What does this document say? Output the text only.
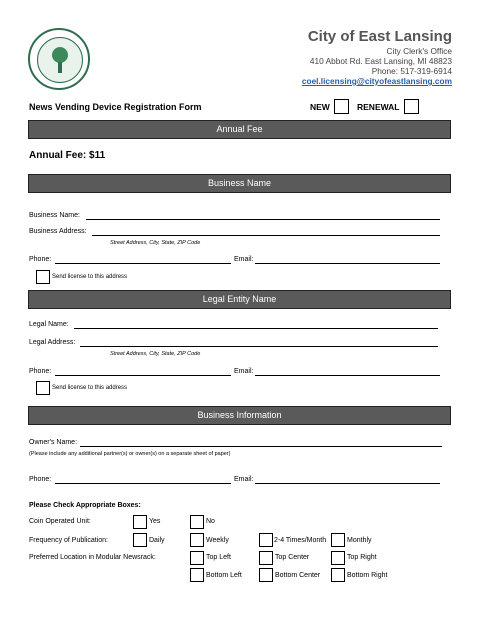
City of East Lansing
City Clerk's Office
410 Abbot Rd. East Lansing, MI 48823
Phone: 517-319-6914
coel.licensing@cityofeastlansing.com
News Vending Device Registration Form	NEW	RENEWAL
Annual Fee
Annual Fee: $11
Business Name
Business Name:
Business Address:
Street Address, City, State, ZIP Code
Phone:	Email:
Send license to this address
Legal Entity Name
Legal Name:
Legal Address:
Street Address, City, State, ZIP Code
Phone:	Email:
Send license to this address
Business Information
Owner's Name:
(Please include any additional partner(s) or owner(s) on a separate sheet of paper)
Phone:	Email:
Please Check Appropriate Boxes:
Coin Operated Unit:	Yes	No
Frequency of Publication:	Daily	Weekly	2-4 Times/Month	Monthly
Preferred Location in Modular Newsrack:	Top Left	Top Center	Top Right
Bottom Left	Bottom Center	Bottom Right
